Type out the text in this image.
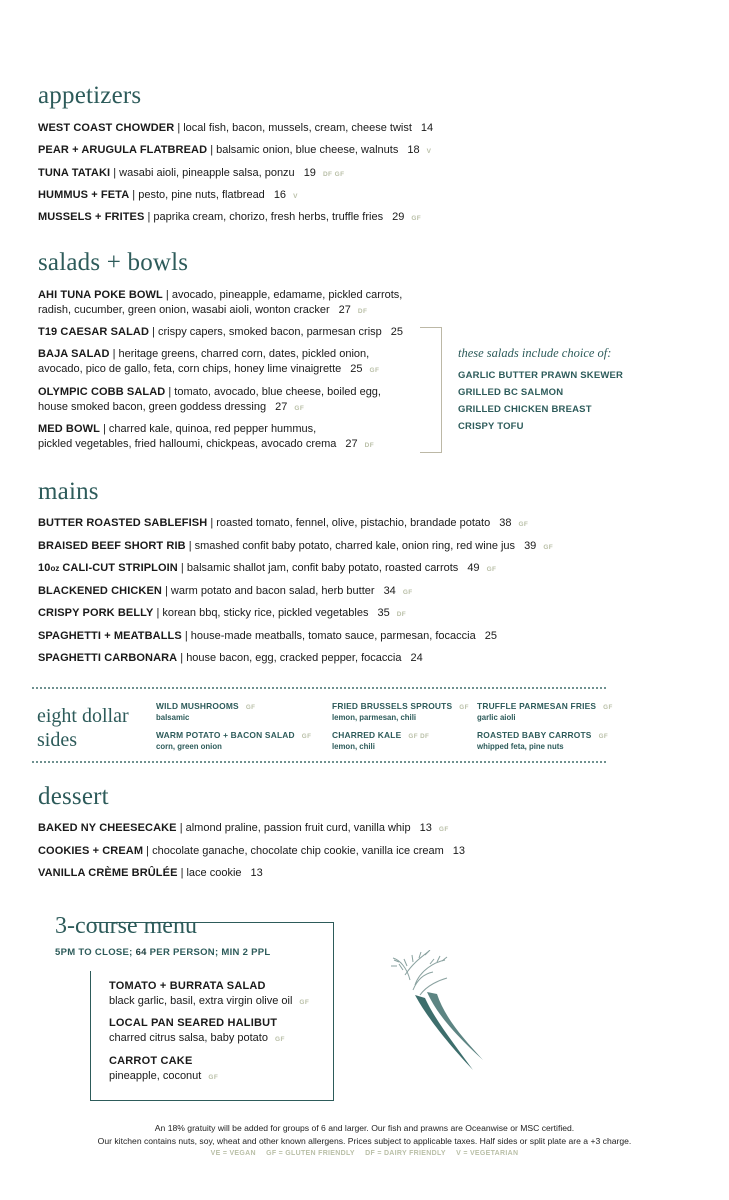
appetizers
WEST COAST CHOWDER | local fish, bacon, mussels, cream, cheese twist 14
PEAR + ARUGULA FLATBREAD | balsamic onion, blue cheese, walnuts 18 V
TUNA TATAKI | wasabi aioli, pineapple salsa, ponzu 19 DF GF
HUMMUS + FETA | pesto, pine nuts, flatbread 16 V
MUSSELS + FRITES | paprika cream, chorizo, fresh herbs, truffle fries 29 GF
salads + bowls
AHI TUNA POKE BOWL | avocado, pineapple, edamame, pickled carrots,
radish, cucumber, green onion, wasabi aioli, wonton cracker 27 DF
T19 CAESAR SALAD | crispy capers, smoked bacon, parmesan crisp 25
BAJA SALAD | heritage greens, charred corn, dates, pickled onion,
avocado, pico de gallo, feta, corn chips, honey lime vinaigrette 25 GF
OLYMPIC COBB SALAD | tomato, avocado, blue cheese, boiled egg,
house smoked bacon, green goddess dressing 27 GF
MED BOWL | charred kale, quinoa, red pepper hummus,
pickled vegetables, fried halloumi, chickpeas, avocado crema 27 DF
these salads include choice of:
GARLIC BUTTER PRAWN SKEWER
GRILLED BC SALMON
GRILLED CHICKEN BREAST
CRISPY TOFU
mains
BUTTER ROASTED SABLEFISH | roasted tomato, fennel, olive, pistachio, brandade potato 38 GF
BRAISED BEEF SHORT RIB | smashed confit baby potato, charred kale, onion ring, red wine jus 39 GF
10oz CALI-CUT STRIPLOIN | balsamic shallot jam, confit baby potato, roasted carrots 49 GF
BLACKENED CHICKEN | warm potato and bacon salad, herb butter 34 GF
CRISPY PORK BELLY | korean bbq, sticky rice, pickled vegetables 35 DF
SPAGHETTI + MEATBALLS | house-made meatballs, tomato sauce, parmesan, focaccia 25
SPAGHETTI CARBONARA | house bacon, egg, cracked pepper, focaccia 24
eight dollar
sides
WILD MUSHROOMS GF
balsamic
FRIED BRUSSELS SPROUTS GF
lemon, parmesan, chili
TRUFFLE PARMESAN FRIES GF
garlic aioli
WARM POTATO + BACON SALAD GF
corn, green onion
CHARRED KALE GF DF
lemon, chili
ROASTED BABY CARROTS GF
whipped feta, pine nuts
dessert
BAKED NY CHEESECAKE | almond praline, passion fruit curd, vanilla whip 13 GF
COOKIES + CREAM | chocolate ganache, chocolate chip cookie, vanilla ice cream 13
VANILLA CRÈME BRÛLÉE | lace cookie 13
3-course menu
5PM TO CLOSE; 64 PER PERSON; MIN 2 PPL
TOMATO + BURRATA SALAD
black garlic, basil, extra virgin olive oil GF
LOCAL PAN SEARED HALIBUT
charred citrus salsa, baby potato GF
CARROT CAKE
pineapple, coconut GF
An 18% gratuity will be added for groups of 6 and larger. Our fish and prawns are Oceanwise or MSC certified.
Our kitchen contains nuts, soy, wheat and other known allergens. Prices subject to applicable taxes. Half sides or split plate are a +3 charge.
VE = VEGAN GF = GLUTEN FRIENDLY DF = DAIRY FRIENDLY V = VEGETARIAN
